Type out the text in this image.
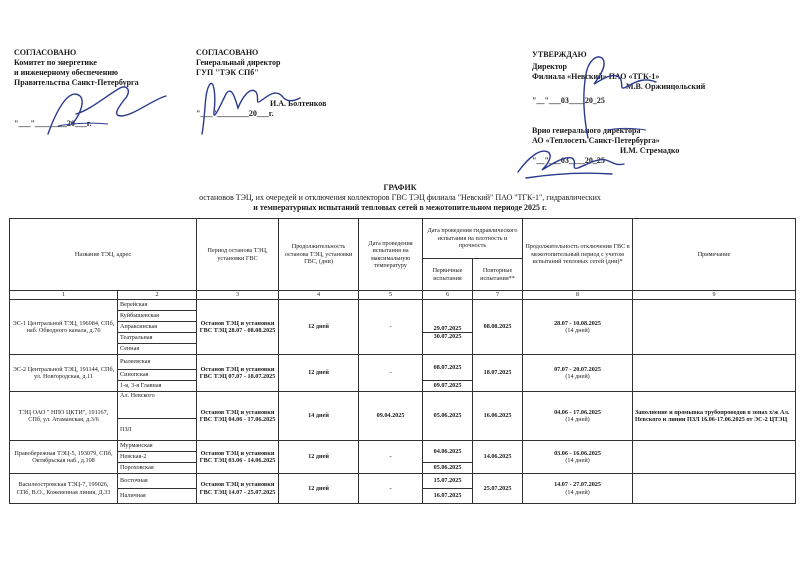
СОГЛАСОВАНО
Комитет по энергетике
и инженерному обеспечению
Правительства Санкт-Петербурга
"___"________20___г.
СОГЛАСОВАНО
Генеральный директор
ГУП "ТЭК СПб"
И.А. Болтенков
"___"________20___г.
УТВЕРЖДАЮ
Директор
Филиала «Невский» ПАО «ТГК-1»
М.В. Оржинцольский
"__"___03____20_25
Врио генерального директора
АО «Теплосеть Санкт-Петербурга»
И.М. Стремадко
"__"___03____20_25
ГРАФИК
остановов ТЭЦ, их очередей и отключения коллекторов ГВС ТЭЦ филиала "Невский" ПАО "ТГК-1", гидравлических
и температурных испытаний тепловых сетей в межотопительном периоде 2025 г.
Название ТЭЦ, адрес		Период останова ТЭЦ, установки ГВС	Продолжительность останова ТЭЦ, установки ГВС, (дни)	Дата проведения испытания на максимальную температуру	Дата проведения гидравлического испытания на плотность и прочность		Продолжительность отключения ГВС в межотопительный период с учетом испытаний тепловых сетей (дни)*	Примечание
					Первичные испытания	Повторные испытания**		
1	2	3	4	5	6	7	8	9
ЭС-1 Центральной ТЭЦ, 196084, СПб, наб. Обводного канала, д.76	Верейская	Останов ТЭЦ и установки ГВС ТЭЦ 28.07 - 08.08.2025	12 дней	-	29.07.2025	08.08.2025	28.07 - 10.08.2025
(14 дней)	
	Куйбышевская							
	Апраксинская							
	Театральная				30.07.2025			
	Сенная							
ЭС-2 Центральной ТЭЦ, 191144, СПб, ул. Новгородская, д.11	Рылеевская	Останов ТЭЦ и установки ГВС ТЭЦ 07.07 - 18.07.2025	12 дней	-	08.07.2025	18.07.2025	07.07 - 20.07.2025
(14 дней)	
	Синопская							
	1-я, 3-я Главная				09.07.2025			
ТЭЦ ОАО " НПО ЦКТИ", 191167, СПб, ул. Атаманская, д.3/6	Ал. Невского	Останов ТЭЦ и установки ГВС ТЭЦ 04.06 - 17.06.2025	14 дней	09.04.2025	05.06.2025	16.06.2025	04.06 - 17.06.2025
(14 дней)	Заполнение и промывка трубопроводов в зонах х/ж Ал. Невского и линии ПЗЛ 16.06-17.06.2025 от ЭС-2 ЦТЭЦ
	ПЗЛ							
Правобережная ТЭЦ-5, 193079, СПб, Октябрьская наб., д.108	Мурманская	Останов ТЭЦ и установки ГВС ТЭЦ 03.06 - 14.06.2025	12 дней	-	04.06.2025	14.06.2025	03.06 - 16.06.2025
(14 дней)	
	Невская-2							
	Пороховская				05.06.2025			
Василеостровская ТЭЦ-7, 199026, СПб, В.О., Кожевенная линия, Д.33	Восточная	Останов ТЭЦ и установки ГВС ТЭЦ 14.07 - 25.07.2025	12 дней	-	15.07.2025	25.07.2025	14.07 - 27.07.2025
(14 дней)	
	Наличная				16.07.2025			
